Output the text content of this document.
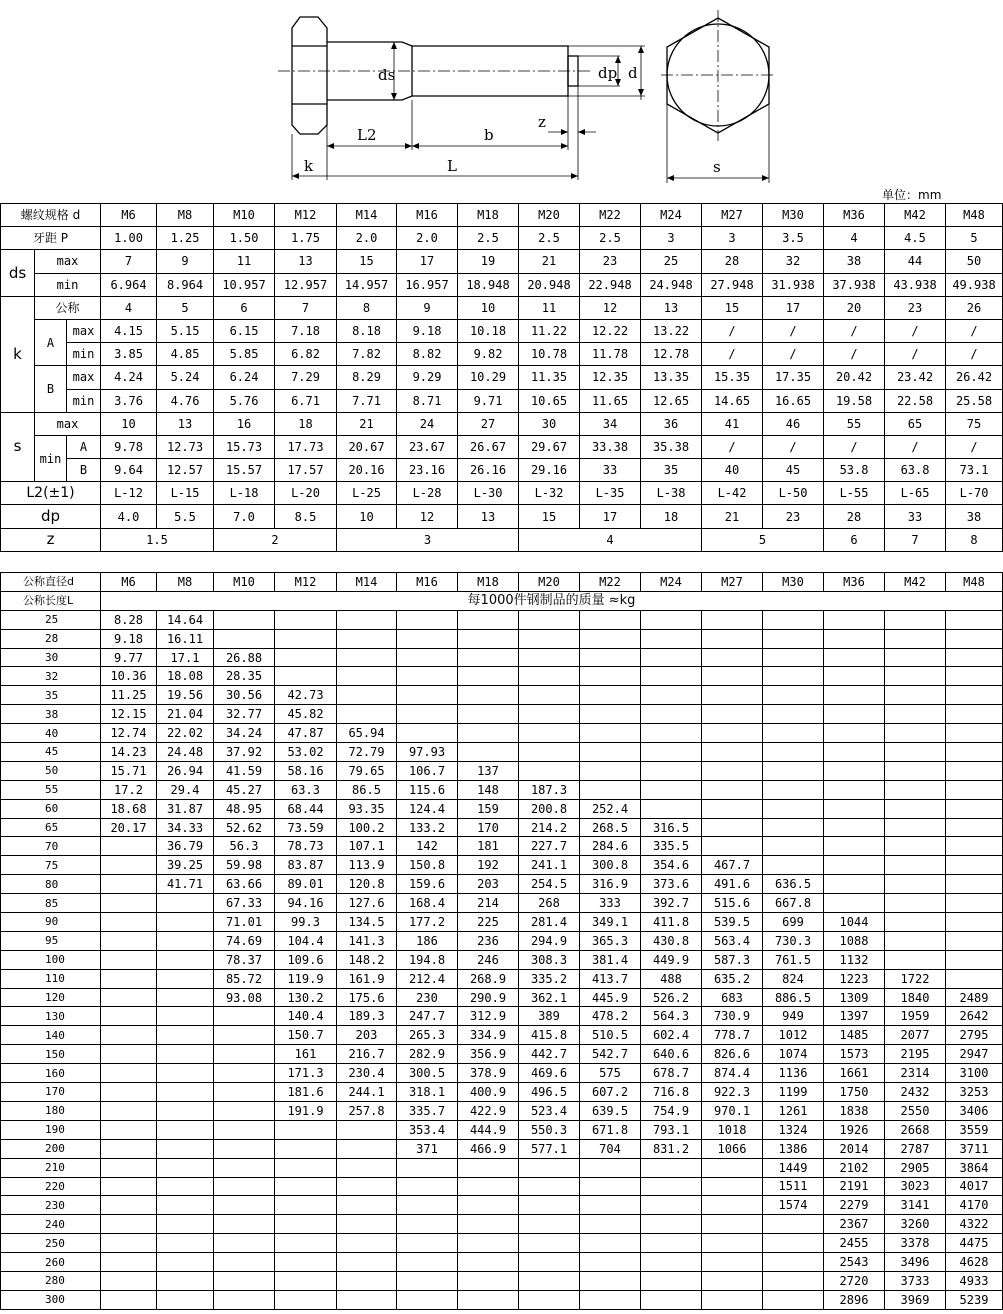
ds	dp d
L2	b
z
k	L	s
单位：mm
螺纹规格 d			M6	M8	M10	M12	M14	M16	M18	M20	M22	M24	M27	M30	M36	M42	M48
牙距 P			1.00	1.25	1.50	1.75	2.0	2.0	2.5	2.5	2.5	3	3	3.5	4	4.5	5
ds	max		7	9	11	13	15	17	19	21	23	25	28	32	38	44	50
	min		6.964	8.964	10.957	12.957	14.957	16.957	18.948	20.948	22.948	24.948	27.948	31.938	37.938	43.938	49.938
k	公称		4	5	6	7	8	9	10	11	12	13	15	17	20	23	26
	A	max	4.15	5.15	6.15	7.18	8.18	9.18	10.18	11.22	12.22	13.22	/	/	/	/	/
		min	3.85	4.85	5.85	6.82	7.82	8.82	9.82	10.78	11.78	12.78	/	/	/	/	/
	B	max	4.24	5.24	6.24	7.29	8.29	9.29	10.29	11.35	12.35	13.35	15.35	17.35	20.42	23.42	26.42
		min	3.76	4.76	5.76	6.71	7.71	8.71	9.71	10.65	11.65	12.65	14.65	16.65	19.58	22.58	25.58
s	max		10	13	16	18	21	24	27	30	34	36	41	46	55	65	75
	min	A	9.78	12.73	15.73	17.73	20.67	23.67	26.67	29.67	33.38	35.38	/	/	/	/	/
		B	9.64	12.57	15.57	17.57	20.16	23.16	26.16	29.16	33	35	40	45	53.8	63.8	73.1
L2(±1)			L-12	L-15	L-18	L-20	L-25	L-28	L-30	L-32	L-35	L-38	L-42	L-50	L-55	L-65	L-70
dp			4.0	5.5	7.0	8.5	10	12	13	15	17	18	21	23	28	33	38
z			1.5		2		3			4			5		6	7	8
公称直径d	M6	M8	M10	M12	M14	M16	M18	M20	M22	M24	M27	M30	M36	M42	M48
公称长度L	每1000件钢制品的质量 ≈kg														
25	8.28	14.64													
28	9.18	16.11													
30	9.77	17.1	26.88												
32	10.36	18.08	28.35												
35	11.25	19.56	30.56	42.73											
38	12.15	21.04	32.77	45.82											
40	12.74	22.02	34.24	47.87	65.94										
45	14.23	24.48	37.92	53.02	72.79	97.93									
50	15.71	26.94	41.59	58.16	79.65	106.7	137								
55	17.2	29.4	45.27	63.3	86.5	115.6	148	187.3							
60	18.68	31.87	48.95	68.44	93.35	124.4	159	200.8	252.4						
65	20.17	34.33	52.62	73.59	100.2	133.2	170	214.2	268.5	316.5					
70		36.79	56.3	78.73	107.1	142	181	227.7	284.6	335.5					
75		39.25	59.98	83.87	113.9	150.8	192	241.1	300.8	354.6	467.7				
80		41.71	63.66	89.01	120.8	159.6	203	254.5	316.9	373.6	491.6	636.5			
85			67.33	94.16	127.6	168.4	214	268	333	392.7	515.6	667.8			
90			71.01	99.3	134.5	177.2	225	281.4	349.1	411.8	539.5	699	1044		
95			74.69	104.4	141.3	186	236	294.9	365.3	430.8	563.4	730.3	1088		
100			78.37	109.6	148.2	194.8	246	308.3	381.4	449.9	587.3	761.5	1132		
110			85.72	119.9	161.9	212.4	268.9	335.2	413.7	488	635.2	824	1223	1722	
120			93.08	130.2	175.6	230	290.9	362.1	445.9	526.2	683	886.5	1309	1840	2489
130				140.4	189.3	247.7	312.9	389	478.2	564.3	730.9	949	1397	1959	2642
140				150.7	203	265.3	334.9	415.8	510.5	602.4	778.7	1012	1485	2077	2795
150				161	216.7	282.9	356.9	442.7	542.7	640.6	826.6	1074	1573	2195	2947
160				171.3	230.4	300.5	378.9	469.6	575	678.7	874.4	1136	1661	2314	3100
170				181.6	244.1	318.1	400.9	496.5	607.2	716.8	922.3	1199	1750	2432	3253
180				191.9	257.8	335.7	422.9	523.4	639.5	754.9	970.1	1261	1838	2550	3406
190						353.4	444.9	550.3	671.8	793.1	1018	1324	1926	2668	3559
200						371	466.9	577.1	704	831.2	1066	1386	2014	2787	3711
210												1449	2102	2905	3864
220												1511	2191	3023	4017
230												1574	2279	3141	4170
240													2367	3260	4322
250													2455	3378	4475
260													2543	3496	4628
280													2720	3733	4933
300													2896	3969	5239
